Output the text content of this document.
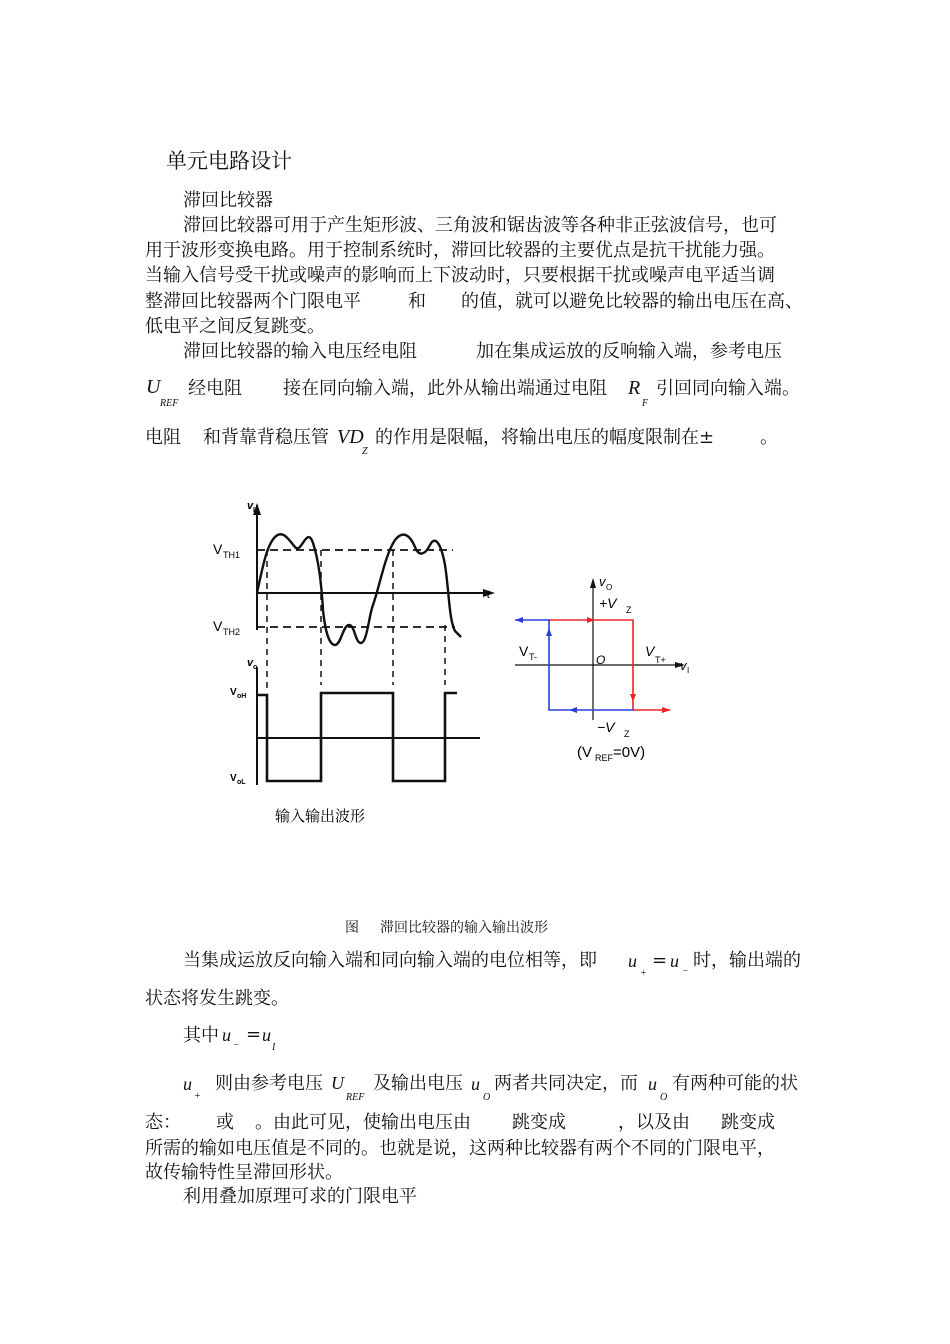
单元电路设计
滞回比较器
滞回比较器可用于产生矩形波、三角波和锯齿波等各种非正弦波信号，也可
用于波形变换电路。用于控制系统时，滞回比较器的主要优点是抗干扰能力强。
当输入信号受干扰或噪声的影响而上下波动时，只要根据干扰或噪声电平适当调
整滞回比较器两个门限电平	和 的值，就可以避免比较器的输出电压在高、
低电平之间反复跳变。
滞回比较器的输入电压经电阻	加在集成运放的反响输入端，参考电压
U
REF
经电阻 接在同向输入端，此外从输出端通过电阻 R
F
引回同向输入端。
电阻 和背靠背稳压管 VD
Z
的作用是限幅，将输出电压的幅度限制在±	。
v I
V TH1
V TH2
t
v o
V oH
V oL
输入输出波形
v O
+V Z
V T-	O
V
T+ v I
−V Z
(V REF =0V)
图 滞回比较器的输入输出波形
当集成运放反向输入端和同向输入端的电位相等，即 u
+
= u
−
时，输出端的
状态将发生跳变。
其中 u
−
= u
I
u
+
则由参考电压 U
REF
及输出电压 u
O
两者共同决定，而 u
O
有两种可能的状
态： 或 。由此可见，使输出电压由 跳变成	，以及由 跳变成
所需的输如电压值是不同的。也就是说，这两种比较器有两个不同的门限电平，
故传输特性呈滞回形状。
利用叠加原理可求的门限电平
